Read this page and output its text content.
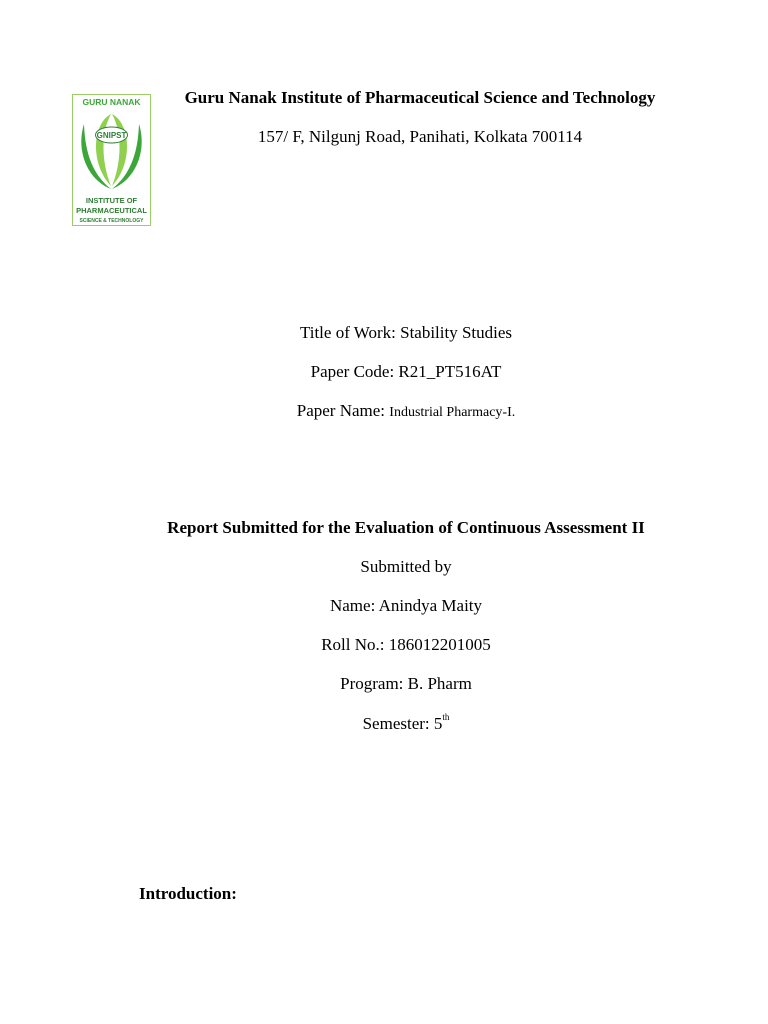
GURU NANAK
GNIPST
INSTITUTE OF
PHARMACEUTICAL
SCIENCE & TECHNOLOGY
Guru Nanak Institute of Pharmaceutical Science and Technology
157/ F, Nilgunj Road, Panihati, Kolkata 700114
Title of Work: Stability Studies
Paper Code: R21_PT516AT
Paper Name: Industrial Pharmacy-I.
Report Submitted for the Evaluation of Continuous Assessment II
Submitted by
Name: Anindya Maity
Roll No.: 186012201005
Program: B. Pharm
Semester: 5th
Introduction:
